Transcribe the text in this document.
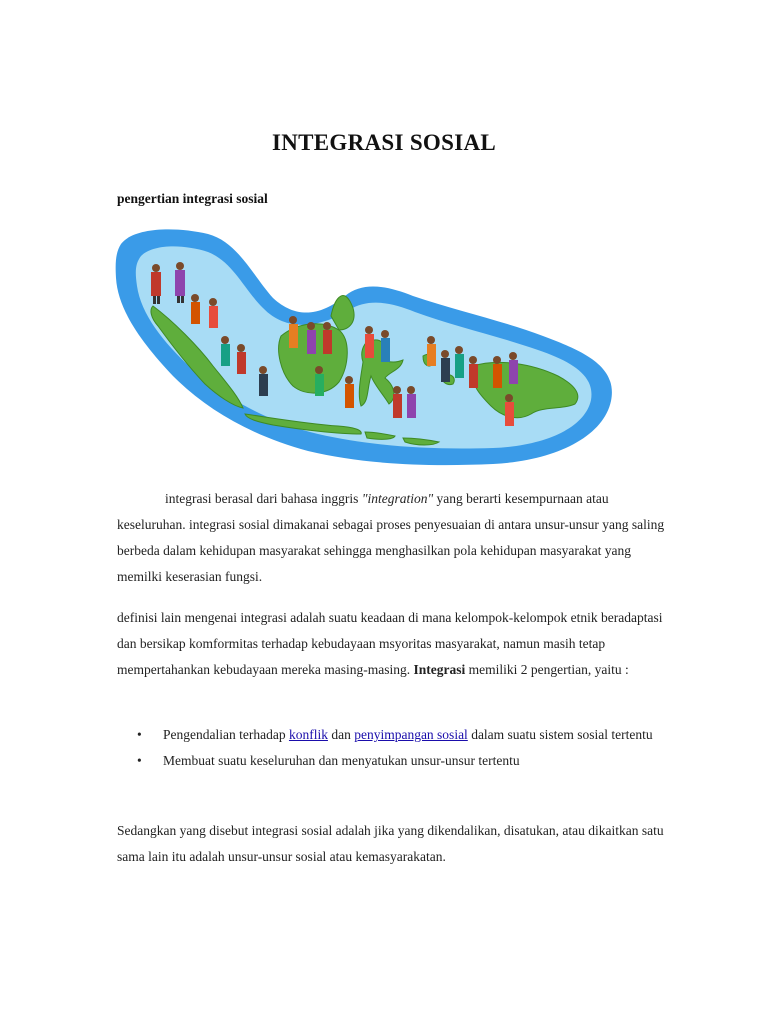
INTEGRASI SOSIAL
pengertian integrasi sosial
integrasi berasal dari bahasa inggris "integration" yang berarti kesempurnaan atau keseluruhan. integrasi sosial dimakanai sebagai proses penyesuaian di antara unsur-unsur yang saling berbeda dalam kehidupan masyarakat sehingga menghasilkan pola kehidupan masyarakat yang memilki keserasian fungsi.
definisi lain mengenai integrasi adalah suatu keadaan di mana kelompok-kelompok etnik beradaptasi dan bersikap komformitas terhadap kebudayaan msyoritas masyarakat, namun masih tetap mempertahankan kebudayaan mereka masing-masing. Integrasi memiliki 2 pengertian, yaitu :
• Pengendalian terhadap konflik dan penyimpangan sosial dalam suatu sistem sosial tertentu
• Membuat suatu keseluruhan dan menyatukan unsur-unsur tertentu
Sedangkan yang disebut integrasi sosial adalah jika yang dikendalikan, disatukan, atau dikaitkan satu sama lain itu adalah unsur-unsur sosial atau kemasyarakatan.
